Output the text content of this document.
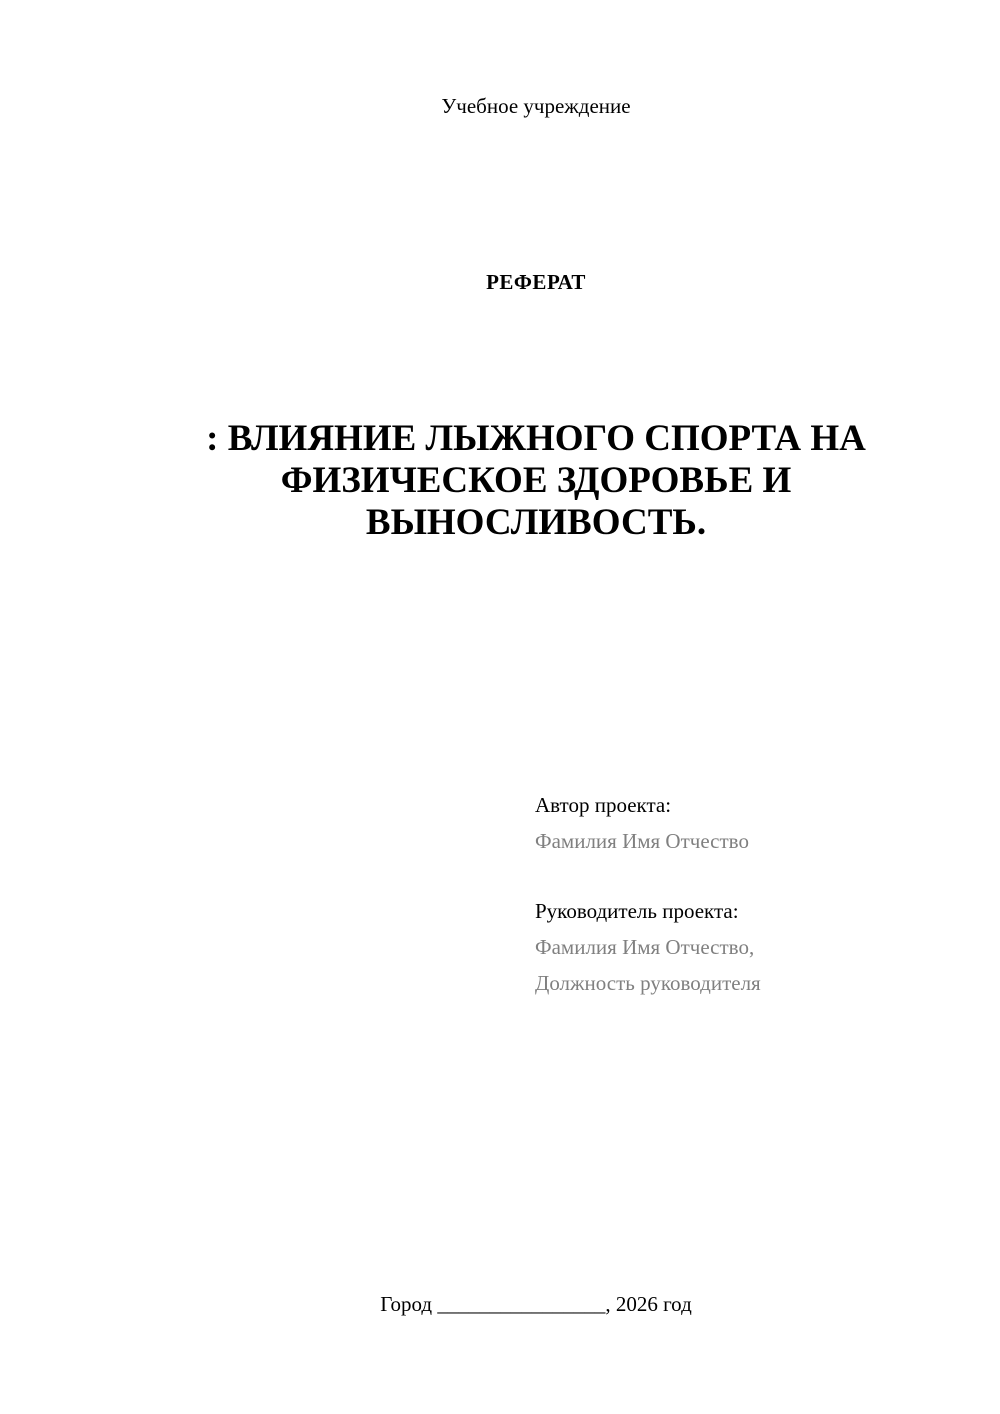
Учебное учреждение
РЕФЕРАТ
: ВЛИЯНИЕ ЛЫЖНОГО СПОРТА НА
ФИЗИЧЕСКОЕ ЗДОРОВЬЕ И
ВЫНОСЛИВОСТЬ.
Автор проекта:
Фамилия Имя Отчество
Руководитель проекта:
Фамилия Имя Отчество,
Должность руководителя
Город ________________, 2026 год
